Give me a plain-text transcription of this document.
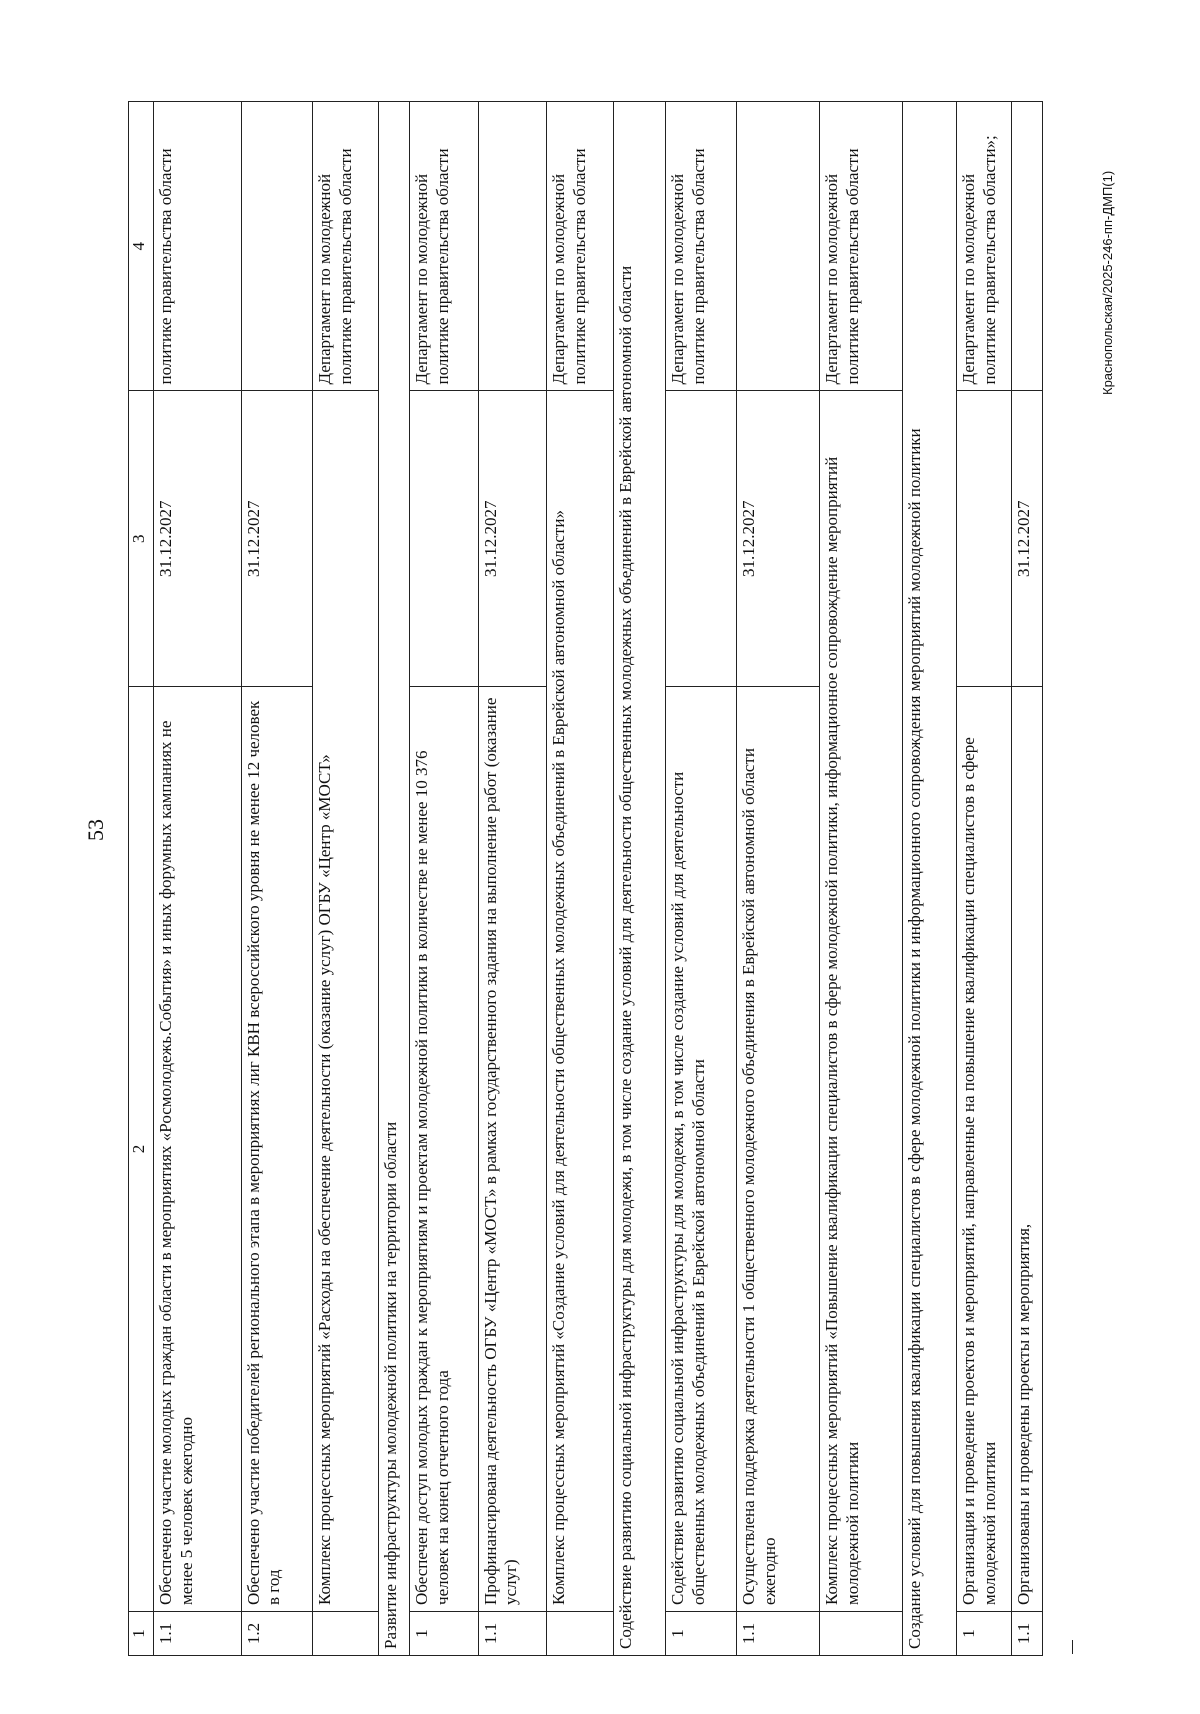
53
Краснопольская/2025-246-пп-ДМП(1)
1	2	3	4
1.1	Обеспечено участие молодых граждан области в мероприятиях «Росмолодежь.События» и иных форумных кампаниях не менее 5 человек ежегодно	31.12.2027	политике правительства области
1.2	Обеспечено участие победителей регионального этапа в мероприятиях лиг КВН всероссийского уровня не менее 12 человек в год	31.12.2027	
	Комплекс процессных мероприятий «Расходы на обеспечение деятельности (оказание услуг) ОГБУ «Центр «МОСТ»		Департамент по молодежной политике правительства области
Развитие инфраструктуры молодежной политики на территории области			
1	Обеспечен доступ молодых граждан к мероприятиям и проектам молодежной политики в количестве не менее 10 376 человек на конец отчетного года		Департамент по молодежной политике правительства области
1.1	Профинансирована деятельность ОГБУ «Центр «МОСТ» в рамках государственного задания на выполнение работ (оказание услуг)	31.12.2027	
	Комплекс процессных мероприятий «Создание условий для деятельности общественных молодежных объединений в Еврейской автономной области»		Департамент по молодежной политике правительства области
Содействие развитию социальной инфраструктуры для молодежи, в том числе создание условий для деятельности общественных молодежных объединений в Еврейской автономной области			
1	Содействие развитию социальной инфраструктуры для молодежи, в том числе создание условий для деятельности общественных молодежных объединений в Еврейской автономной области		Департамент по молодежной политике правительства области
1.1	Осуществлена поддержка деятельности 1 общественного молодежного объединения в Еврейской автономной области ежегодно	31.12.2027	
	Комплекс процессных мероприятий «Повышение квалификации специалистов в сфере молодежной политики, информационное сопровождение мероприятий молодежной политики		Департамент по молодежной политике правительства области
Создание условий для повышения квалификации специалистов в сфере молодежной политики и информационного сопровождения мероприятий молодежной политики			
1	Организация и проведение проектов и мероприятий, направленные на повышение квалификации специалистов в сфере молодежной политики		Департамент по молодежной политике правительства области»;
1.1	Организованы и проведены проекты и мероприятия,	31.12.2027	
